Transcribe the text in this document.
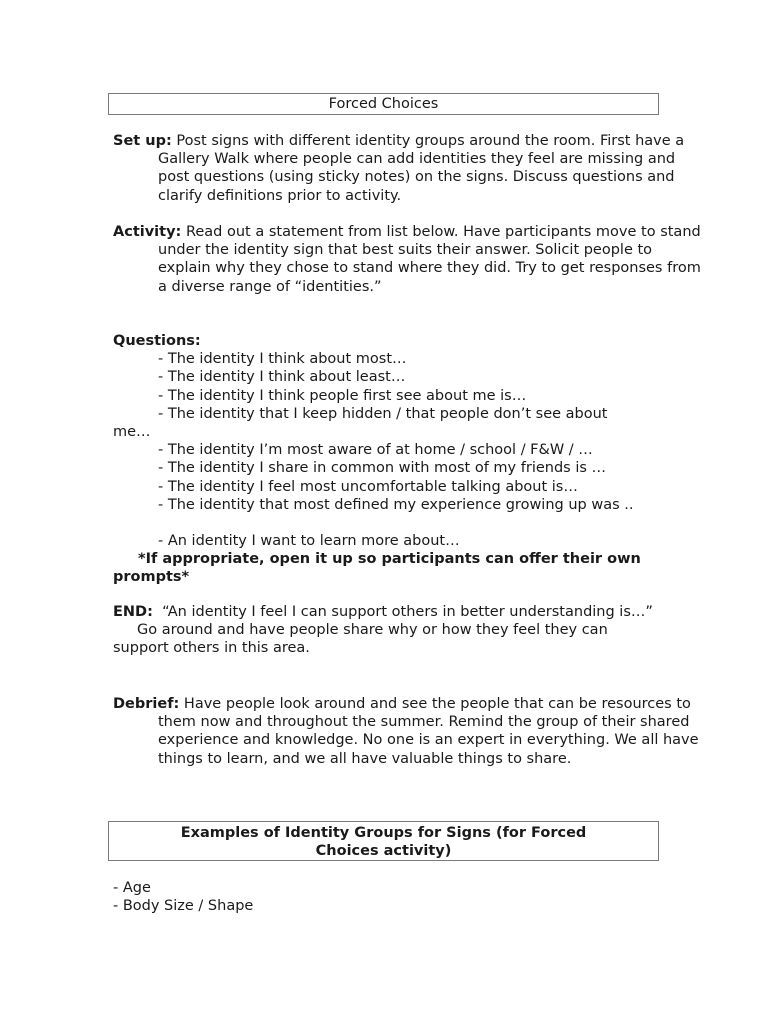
Forced Choices
Set up: Post signs with different identity groups around the room. First have a Gallery Walk where people can add identities they feel are missing and post questions (using sticky notes) on the signs. Discuss questions and clarify definitions prior to activity.
Activity: Read out a statement from list below. Have participants move to stand under the identity sign that best suits their answer. Solicit people to explain why they chose to stand where they did. Try to get responses from a diverse range of “identities.”

Questions:

- The identity I think about most…

- The identity I think about least…

- The identity I think people first see about me is…

- The identity that I keep hidden / that people don’t see about

me…

- The identity I’m most aware of at home / school / F&W / …

- The identity I share in common with most of my friends is …

- The identity I feel most uncomfortable talking about is…

- The identity that most defined my experience growing up was ..

- An identity I want to learn more about…

*If appropriate, open it up so participants can offer their own prompts*

END: “An identity I feel I can support others in better understanding is…”

Go around and have people share why or how they feel they can support others in this area.

Debrief: Have people look around and see the people that can be resources to them now and throughout the summer. Remind the group of their shared experience and knowledge. No one is an expert in everything. We all have things to learn, and we all have valuable things to share.
Examples of Identity Groups for Signs (for Forced Choices activity)

- Age

- Body Size / Shape
